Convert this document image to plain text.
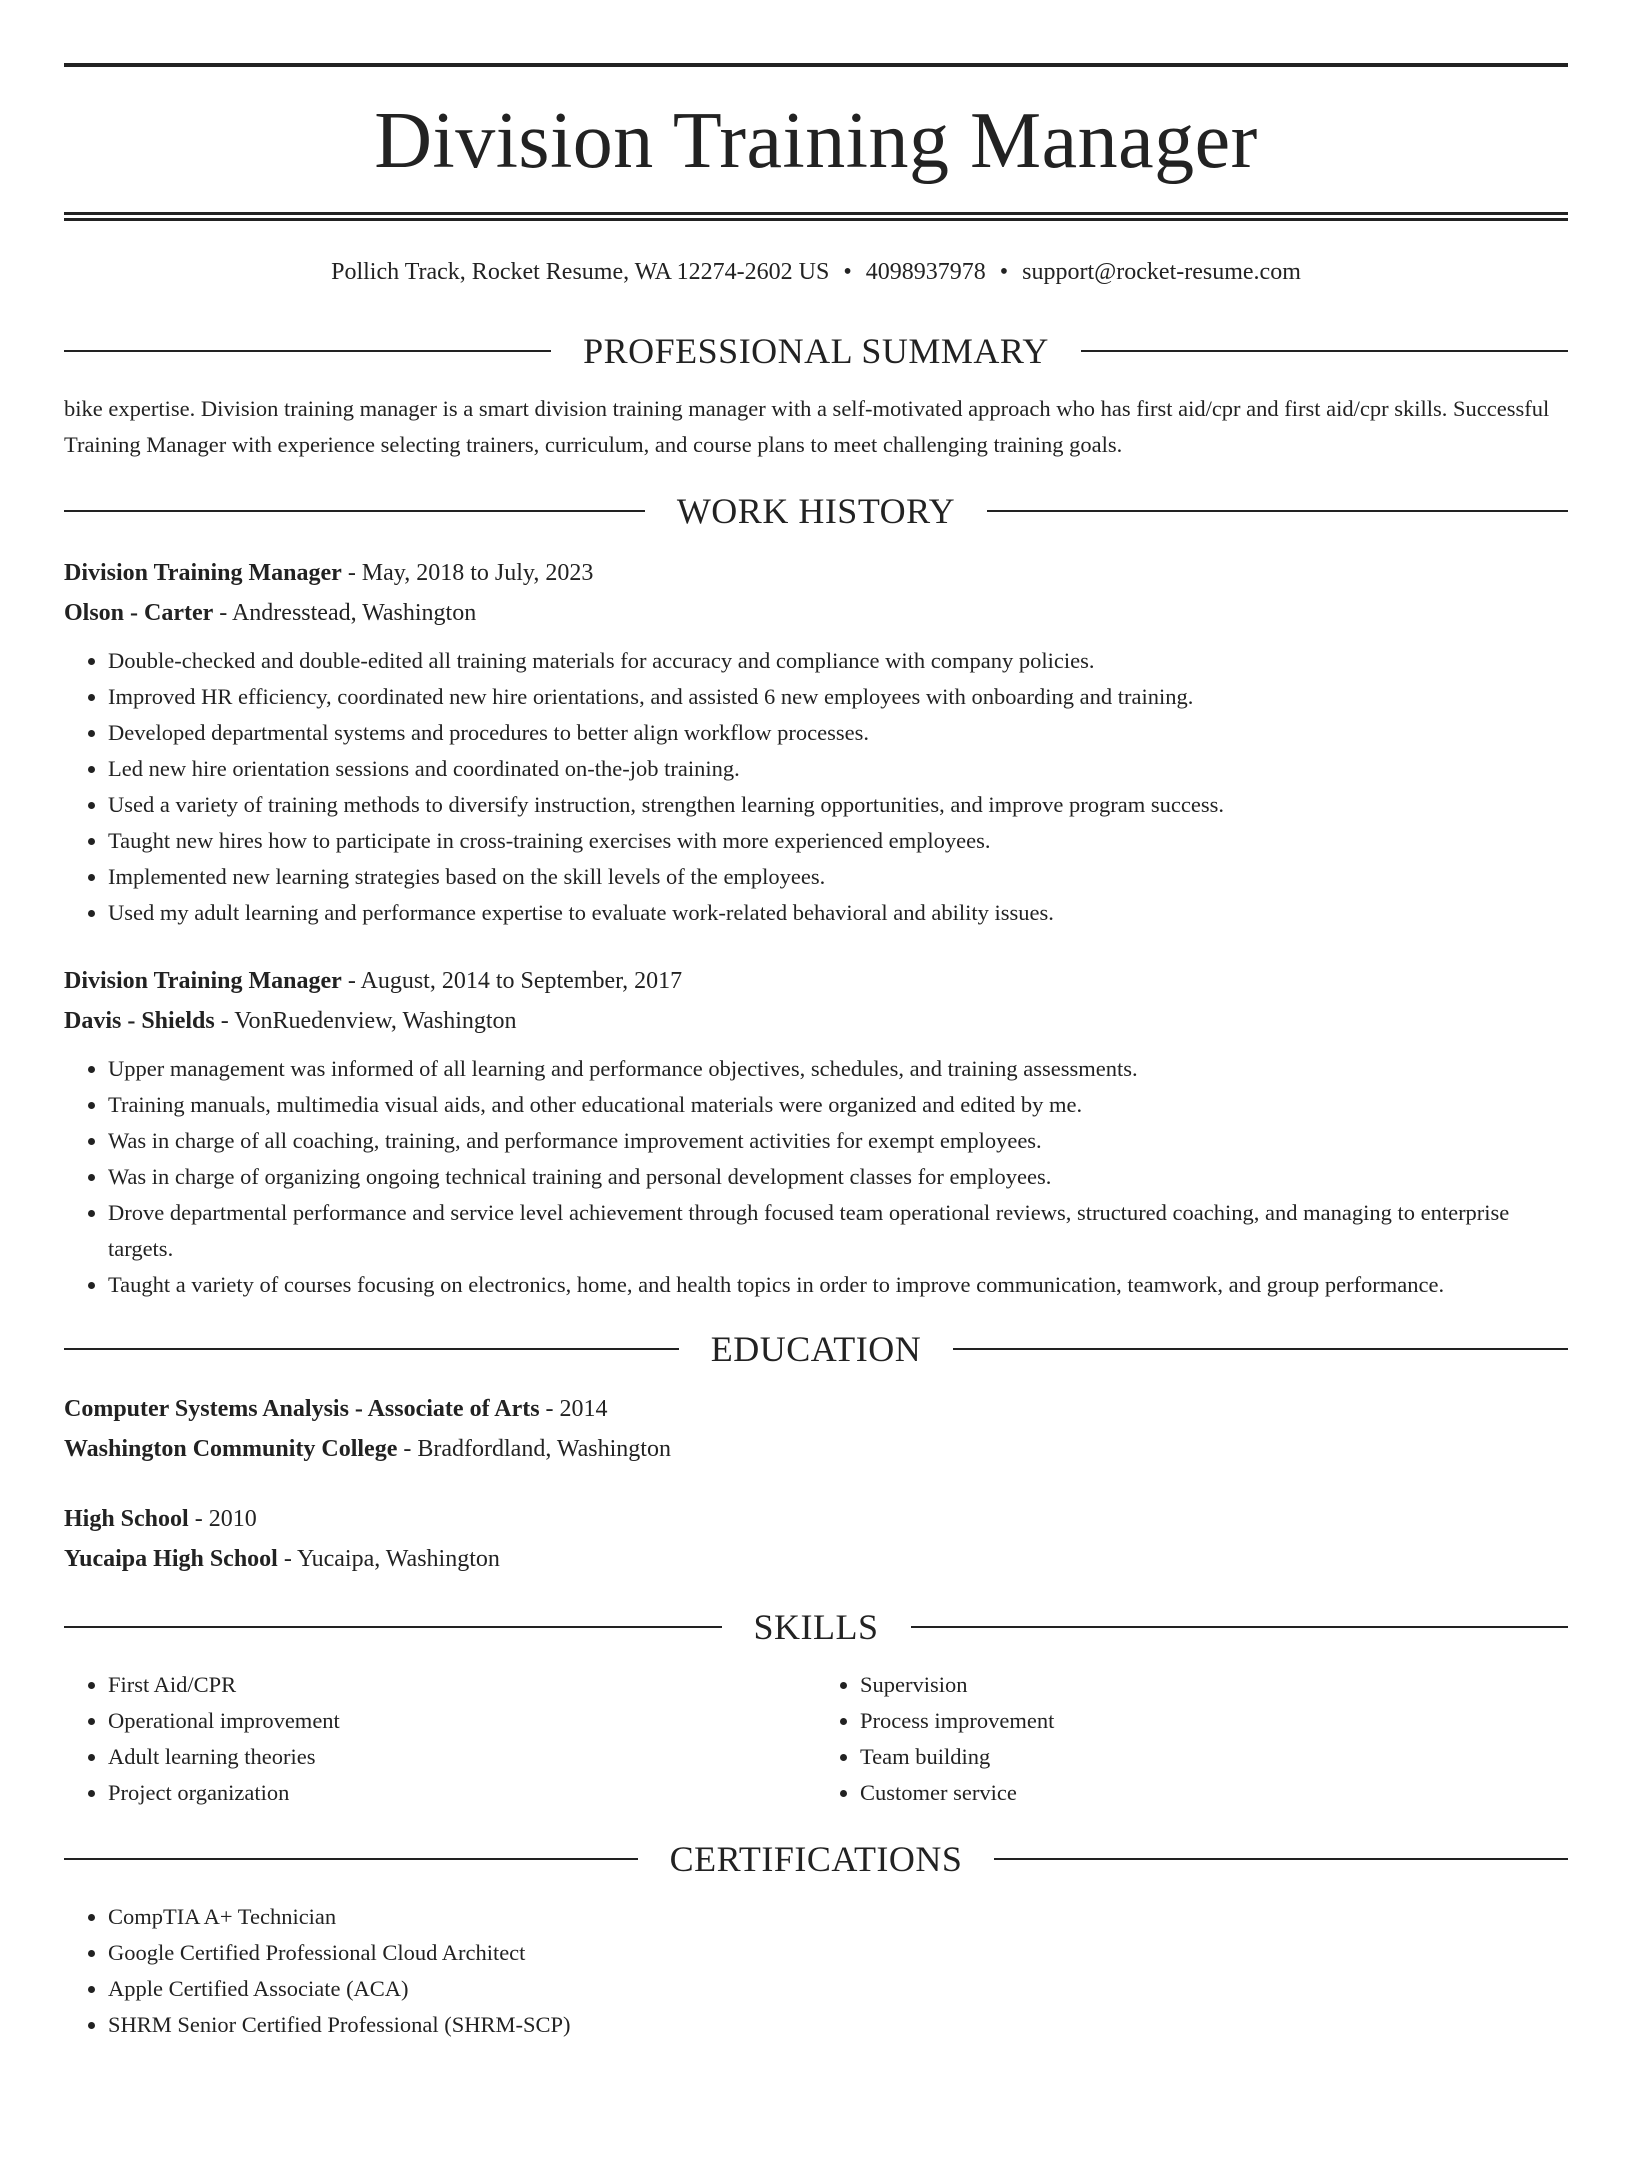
Division Training Manager
Pollich Track, Rocket Resume, WA 12274-2602 US • 4098937978 • support@rocket-resume.com
PROFESSIONAL SUMMARY
bike expertise. Division training manager is a smart division training manager with a self-motivated approach who has first aid/cpr and first aid/cpr skills. Successful Training Manager with experience selecting trainers, curriculum, and course plans to meet challenging training goals.
WORK HISTORY
Division Training Manager - May, 2018 to July, 2023
Olson - Carter - Andresstead, Washington
• Double-checked and double-edited all training materials for accuracy and compliance with company policies.
• Improved HR efficiency, coordinated new hire orientations, and assisted 6 new employees with onboarding and training.
• Developed departmental systems and procedures to better align workflow processes.
• Led new hire orientation sessions and coordinated on-the-job training.
• Used a variety of training methods to diversify instruction, strengthen learning opportunities, and improve program success.
• Taught new hires how to participate in cross-training exercises with more experienced employees.
• Implemented new learning strategies based on the skill levels of the employees.
• Used my adult learning and performance expertise to evaluate work-related behavioral and ability issues.
Division Training Manager - August, 2014 to September, 2017
Davis - Shields - VonRuedenview, Washington
• Upper management was informed of all learning and performance objectives, schedules, and training assessments.
• Training manuals, multimedia visual aids, and other educational materials were organized and edited by me.
• Was in charge of all coaching, training, and performance improvement activities for exempt employees.
• Was in charge of organizing ongoing technical training and personal development classes for employees.
• Drove departmental performance and service level achievement through focused team operational reviews, structured coaching, and managing to enterprise targets.
• Taught a variety of courses focusing on electronics, home, and health topics in order to improve communication, teamwork, and group performance.
EDUCATION
Computer Systems Analysis - Associate of Arts - 2014
Washington Community College - Bradfordland, Washington
High School - 2010
Yucaipa High School - Yucaipa, Washington
SKILLS
• First Aid/CPR
• Operational improvement
• Adult learning theories
• Project organization
• Supervision
• Process improvement
• Team building
• Customer service
CERTIFICATIONS
• CompTIA A+ Technician
• Google Certified Professional Cloud Architect
• Apple Certified Associate (ACA)
• SHRM Senior Certified Professional (SHRM-SCP)
